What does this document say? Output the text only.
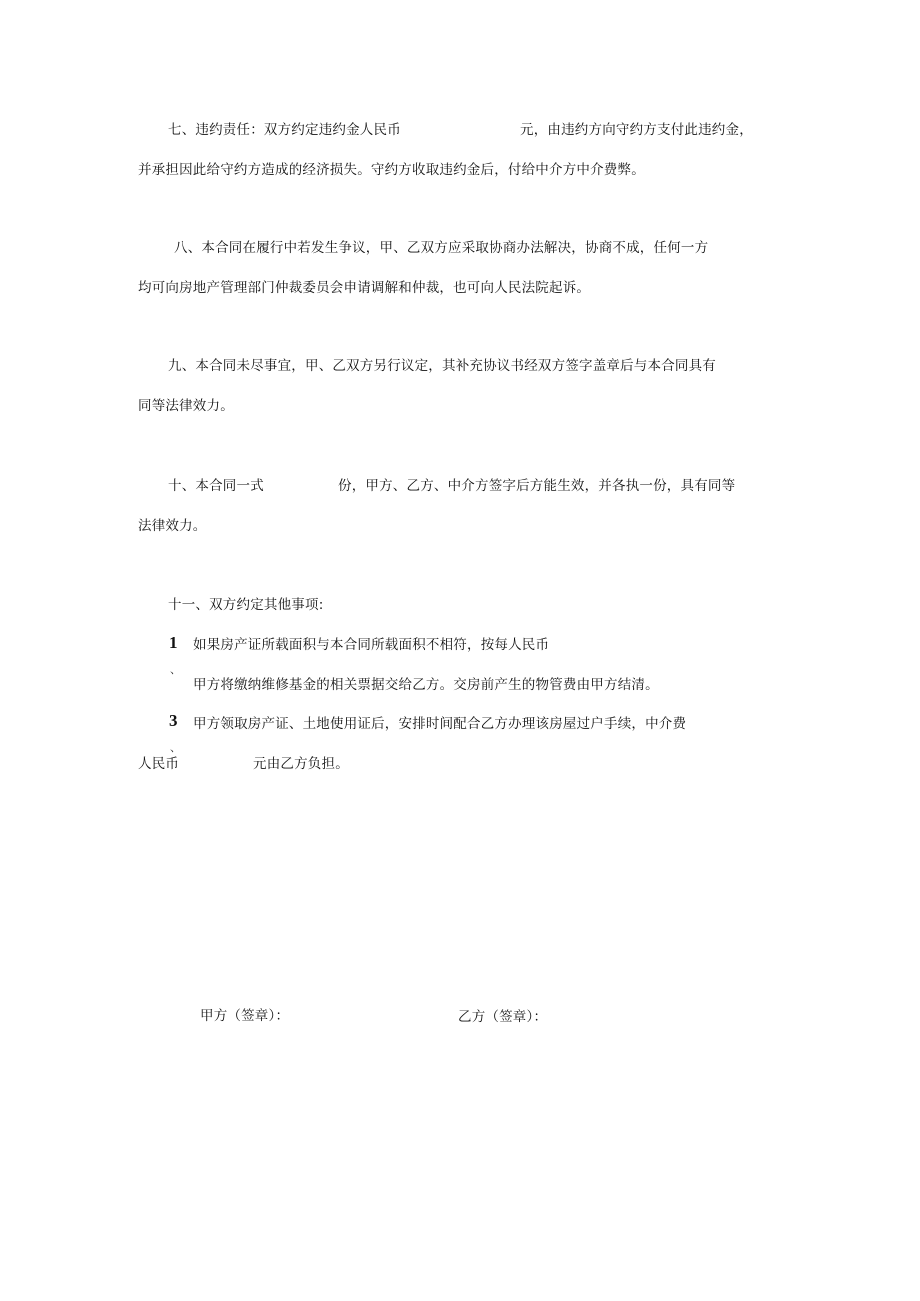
七、违约责任：双方约定违约金人民币	元，由违约方向守约方支付此违约金，
并承担因此给守约方造成的经济损失。守约方收取违约金后，付给中介方中介费弊。
八、本合同在履行中若发生争议，甲、乙双方应采取协商办法解决，协商不成，任何一方
均可向房地产管理部门仲裁委员会申请调解和仲裁，也可向人民法院起诉。
九、本合同未尽事宜，甲、乙双方另行议定，其补充协议书经双方签字盖章后与本合同具有
同等法律效力。
十、本合同一式	份，甲方、乙方、中介方签字后方能生效，并各执一份，具有同等
法律效力。
十一、双方约定其他事项:
1
、
如果房产证所载面积与本合同所载面积不相符，按每人民币
甲方将缴纳维修基金的相关票据交给乙方。交房前产生的物管费由甲方结清。
3
、
甲方领取房产证、土地使用证后，安排时间配合乙方办理该房屋过户手续，中介费
人民币	元由乙方负担。
甲方（签章）：	乙方（签章）：
